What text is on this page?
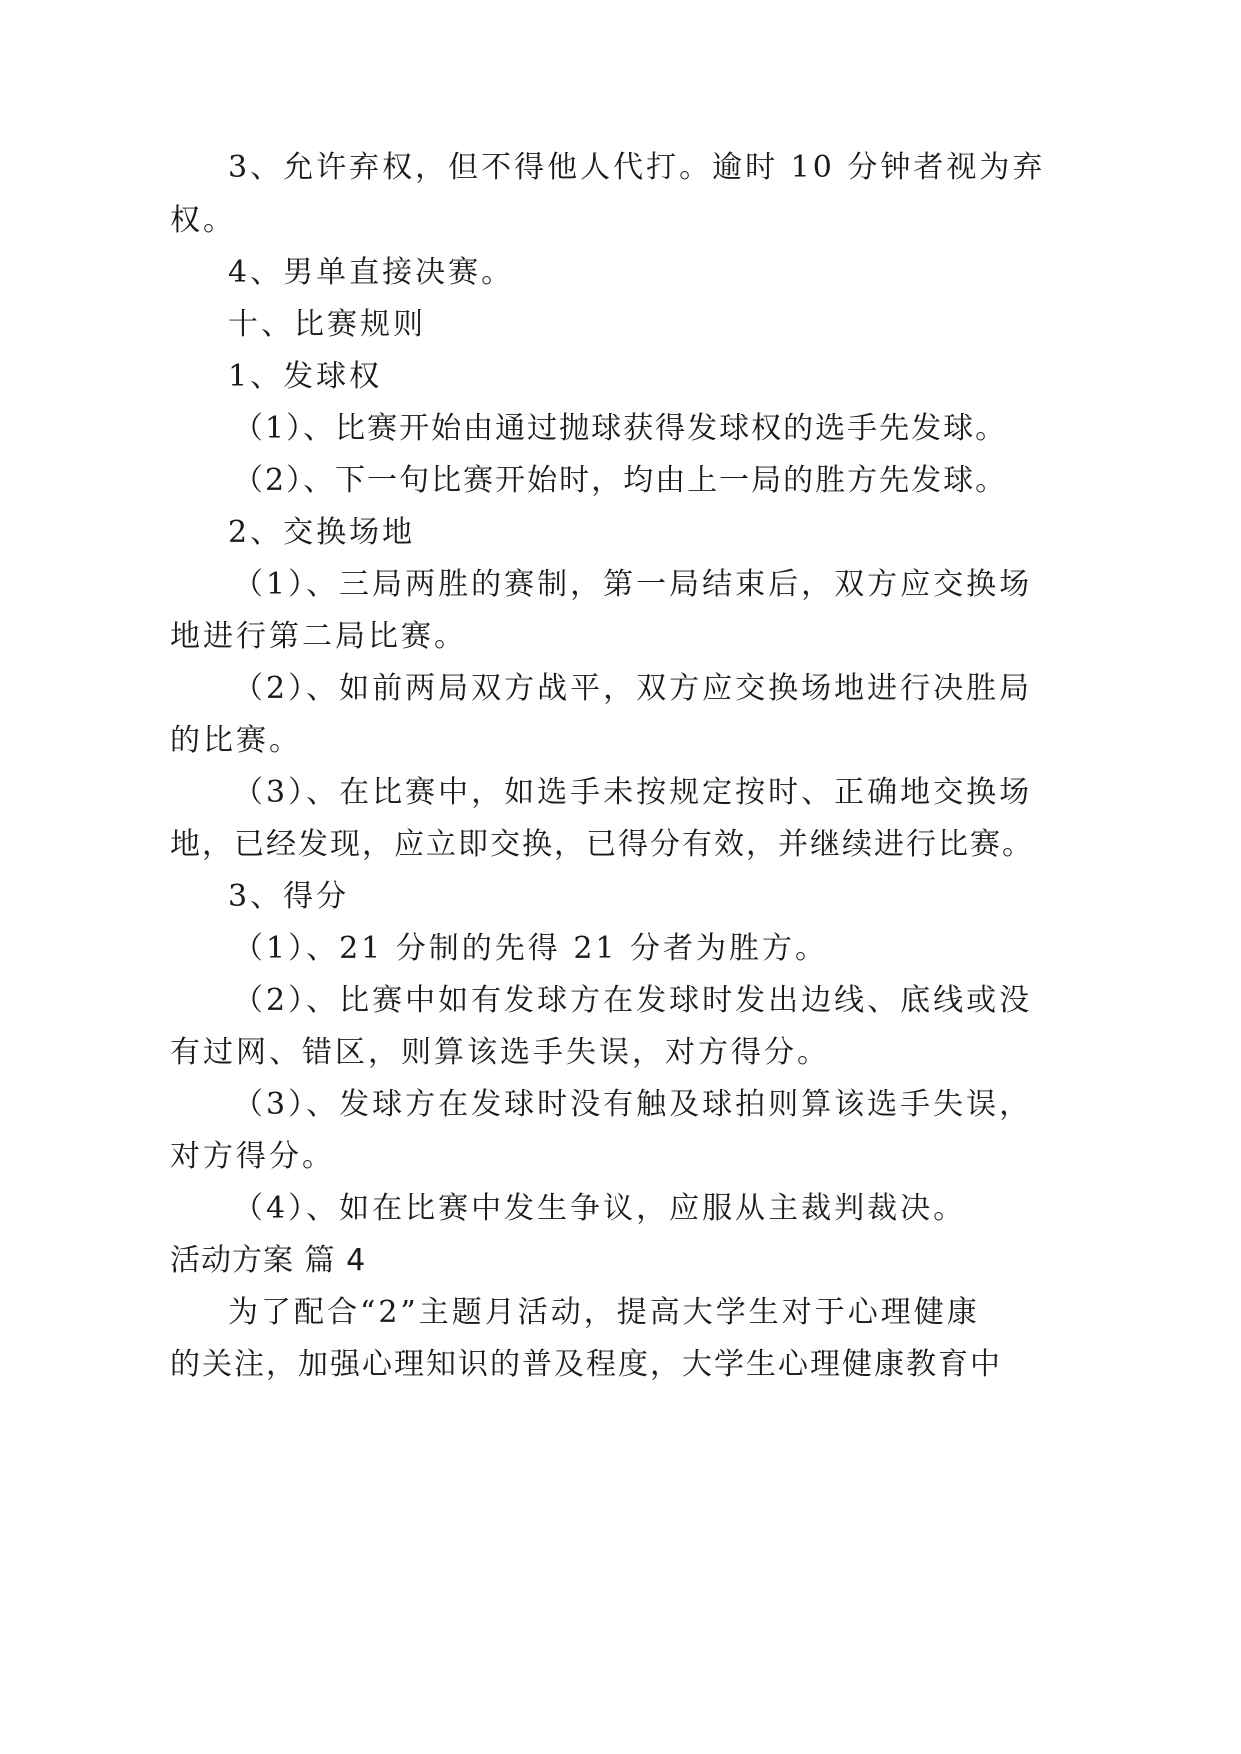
3、允许弃权，但不得他人代打。逾时 10 分钟者视为弃
权。
4、男单直接决赛。
十、比赛规则
1、发球权
（1）、比赛开始由通过抛球获得发球权的选手先发球。
（2）、下一句比赛开始时，均由上一局的胜方先发球。
2、交换场地
（1）、三局两胜的赛制，第一局结束后，双方应交换场
地进行第二局比赛。
（2）、如前两局双方战平，双方应交换场地进行决胜局
的比赛。
（3）、在比赛中，如选手未按规定按时、正确地交换场
地，已经发现，应立即交换，已得分有效，并继续进行比赛。
3、得分
（1）、21 分制的先得 21 分者为胜方。
（2）、比赛中如有发球方在发球时发出边线、底线或没
有过网、错区，则算该选手失误，对方得分。
（3）、发球方在发球时没有触及球拍则算该选手失误，
对方得分。
（4）、如在比赛中发生争议，应服从主裁判裁决。
活动方案 篇 4
为了配合“2”主题月活动，提高大学生对于心理健康
的关注，加强心理知识的普及程度，大学生心理健康教育中
